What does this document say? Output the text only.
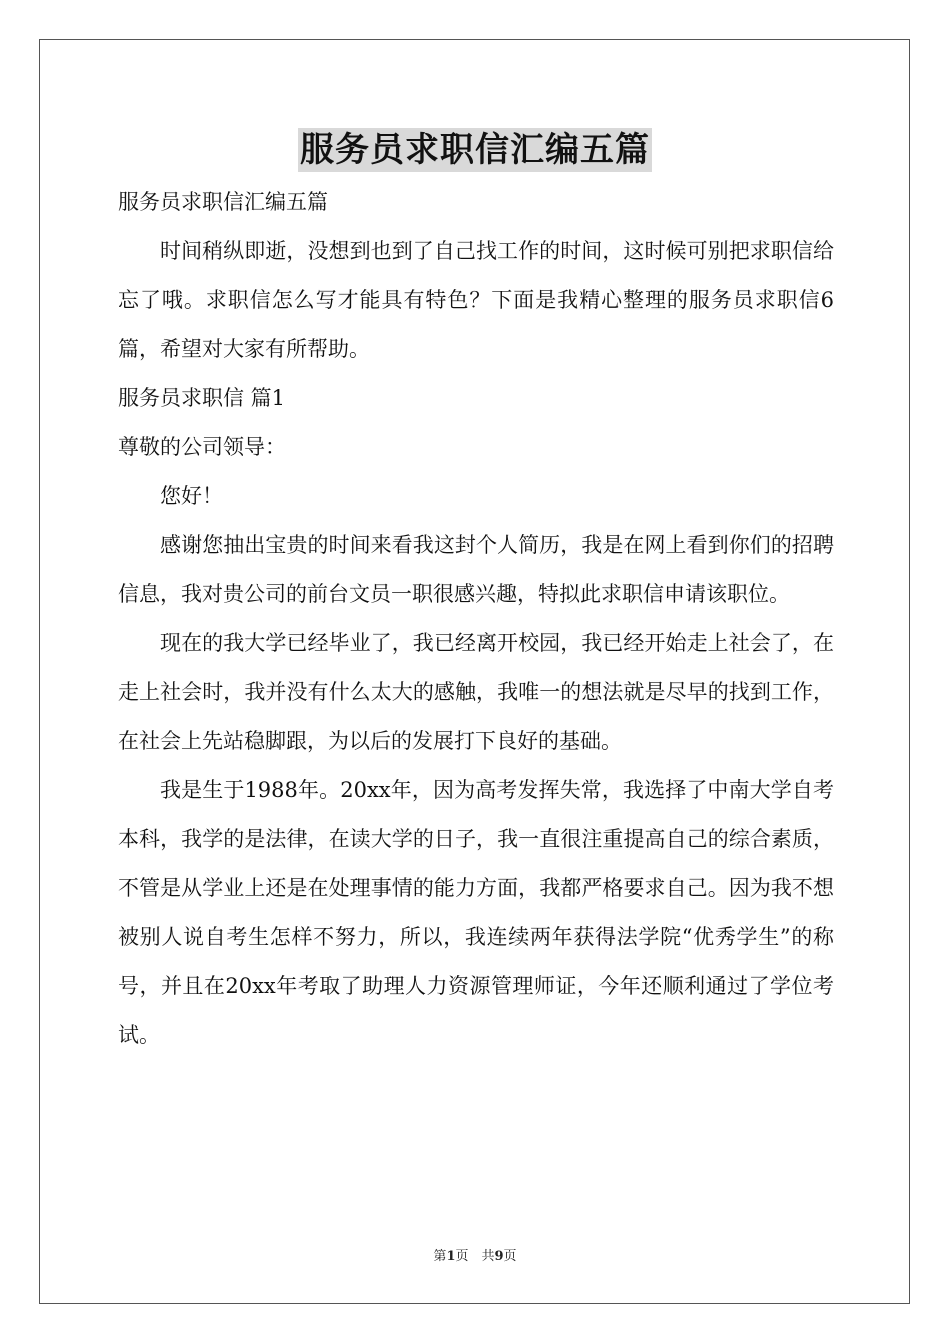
服务员求职信汇编五篇

服务员求职信汇编五篇

时间稍纵即逝，没想到也到了自己找工作的时间，这时候可别把求职信给忘了哦。求职信怎么写才能具有特色？下面是我精心整理的服务员求职信6篇，希望对大家有所帮助。

服务员求职信 篇1

尊敬的公司领导：

您好！

感谢您抽出宝贵的时间来看我这封个人简历，我是在网上看到你们的招聘信息，我对贵公司的前台文员一职很感兴趣，特拟此求职信申请该职位。

现在的我大学已经毕业了，我已经离开校园，我已经开始走上社会了，在走上社会时，我并没有什么太大的感触，我唯一的想法就是尽早的找到工作，在社会上先站稳脚跟，为以后的发展打下良好的基础。

我是生于1988年。20xx年，因为高考发挥失常，我选择了中南大学自考本科，我学的是法律，在读大学的日子，我一直很注重提高自己的综合素质，不管是从学业上还是在处理事情的能力方面，我都严格要求自己。因为我不想被别人说自考生怎样不努力，所以，我连续两年获得法学院“优秀学生”的称号，并且在20xx年考取了助理人力资源管理师证，今年还顺利通过了学位考试。

第1页　共9页
